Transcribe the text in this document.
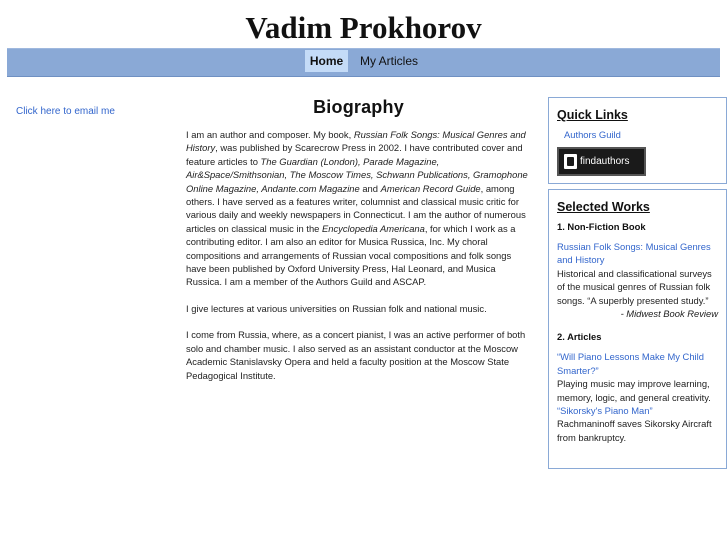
Vadim Prokhorov
Home	My Articles
Click here to email me	Biography

I am an author and composer. My book, Russian Folk Songs: Musical Genres and History, was published by Scarecrow Press in 2002. I have contributed cover and feature articles to The Guardian (London), Parade Magazine, Air&Space/Smithsonian, The Moscow Times, Schwann Publications, Gramophone Online Magazine, Andante.com Magazine and American Record Guide, among others. I have served as a features writer, columnist and classical music critic for various daily and weekly newspapers in Connecticut. I am the author of numerous articles on classical music in the Encyclopedia Americana, for which I work as a contributing editor. I am also an editor for Musica Russica, Inc. My choral compositions and arrangements of Russian vocal compositions and folk songs have been published by Oxford University Press, Hal Leonard, and Musica Russica. I am a member of the Authors Guild and ASCAP.

I give lectures at various universities on Russian folk and national music.

I come from Russia, where, as a concert pianist, I was an active performer of both solo and chamber music. I also served as an assistant conductor at the Moscow Academic Stanislavsky Opera and held a faculty position at the Moscow State Pedagogical Institute.

Quick Links
Authors Guild
findauthors
Selected Works
1. Non-Fiction Book
Russian Folk Songs: Musical Genres and History
Historical and classificational surveys of the musical genres of Russian folk songs. “A superbly presented study.”
- Midwest Book Review
2. Articles
“Will Piano Lessons Make My Child Smarter?”
Playing music may improve learning, memory, logic, and general creativity.
“Sikorsky's Piano Man”
Rachmaninoff saves Sikorsky Aircraft from bankruptcy.
